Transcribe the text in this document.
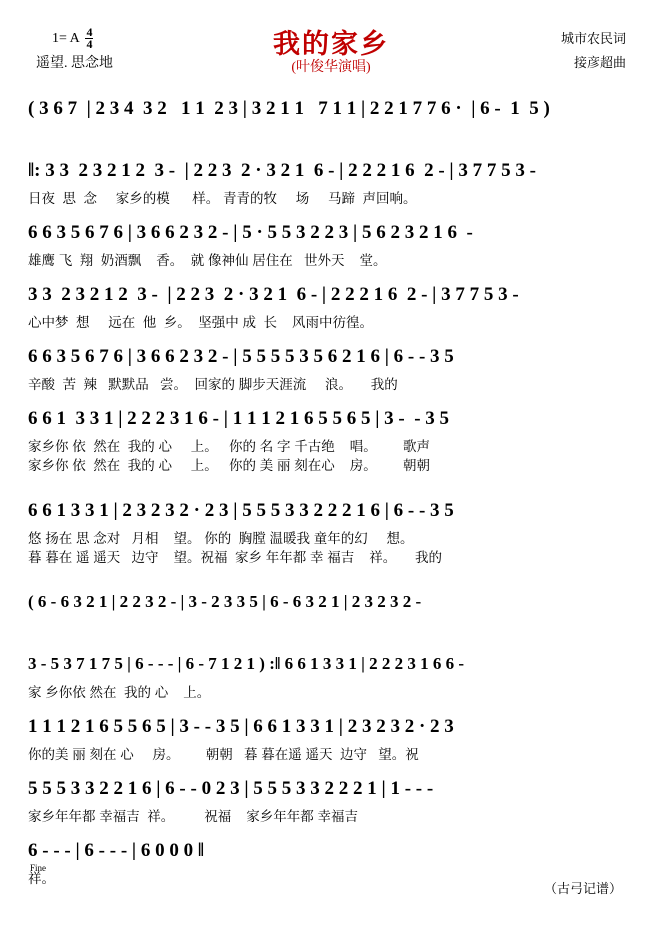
1= A $\frac{4}{4}$
遥望. 思念地
我的家乡
(叶俊华演唱)
城市农民词
接彦超曲
( 3 6 7  | 2 3 4  3 2   1 1  2 3 | 3 2 1 1   7 1 1 | 2 2 1 7 7 6 ·  | 6 -  1  5 )
‖: 3 3  2 3 2 1 2  3 -  | 2 2 3  2 · 3 2 1  6 - | 2 2 2 1 6  2 - | 3 7 7 5 3 -
日夜  思  念     家乡的模      样。 青青的牧     场     马蹄  声回响。
6 6 3 5 6 7 6 | 3 6 6 2 3 2 - | 5 · 5 5 3 2 2 3 | 5 6 2 3 2 1 6  -
雄鹰 飞  翔  奶酒飘    香。  就 像神仙 居住在   世外天    堂。
3 3  2 3 2 1 2  3 -  | 2 2 3  2 · 3 2 1  6 - | 2 2 2 1 6  2 - | 3 7 7 5 3 -
心中梦  想     远在  他  乡。  坚强中 成  长    风雨中彷徨。
6 6 3 5 6 7 6 | 3 6 6 2 3 2 - | 5 5 5 5 3 5 6 2 1 6 | 6 - - 3 5
辛酸  苦  辣   默默品   尝。  回家的 脚步天涯流     浪。     我的
6 6 1  3 3 1 | 2 2 2 3 1 6 - | 1 1 1 2 1 6 5 5 6 5 | 3 -  - 3 5
家乡你 依  然在  我的 心     上。   你的 名 字 千古绝    唱。       歌声
家乡你 依  然在  我的 心     上。   你的 美 丽 刻在心    房。       朝朝
6 6 1 3 3 1 | 2 3 2 3 2 · 2 3 | 5 5 5 3 3 2 2 2 1 6 | 6 - - 3 5
悠 扬在 思 念对   月相    望。 你的  胸膛 温暖我 童年的幻     想。
暮 暮在 遥 遥天   边守    望。祝福  家乡 年年都 幸 福吉    祥。     我的
( 6 - 6 3 2 1 | 2 2 3 2 - | 3 - 2 3 3 5 | 6 - 6 3 2 1 | 2 3 2 3 2 -
3 - 5 3 7 1 7 5 | 6 - - - | 6 - 7 1 2 1 ) :‖ 6 6 1 3 3 1 | 2 2 2 3 1 6 6 -
家 乡你依 然在  我的 心    上。
1 1 1 2 1 6 5 5 6 5 | 3 - - 3 5 | 6 6 1 3 3 1 | 2 3 2 3 2 · 2 3
你的美 丽 刻在 心     房。       朝朝   暮 暮在遥 遥天  边守   望。祝
5 5 5 3 3 2 2 1 6 | 6 - - 0 2 3 | 5 5 5 3 3 2 2 2 1 | 1 - - -
家乡年年都 幸福吉  祥。        祝福    家乡年年都 幸福吉
6 - - - | 6 - - - | 6 0 0 0 ‖
祥。
Fine
（古弓记谱）
